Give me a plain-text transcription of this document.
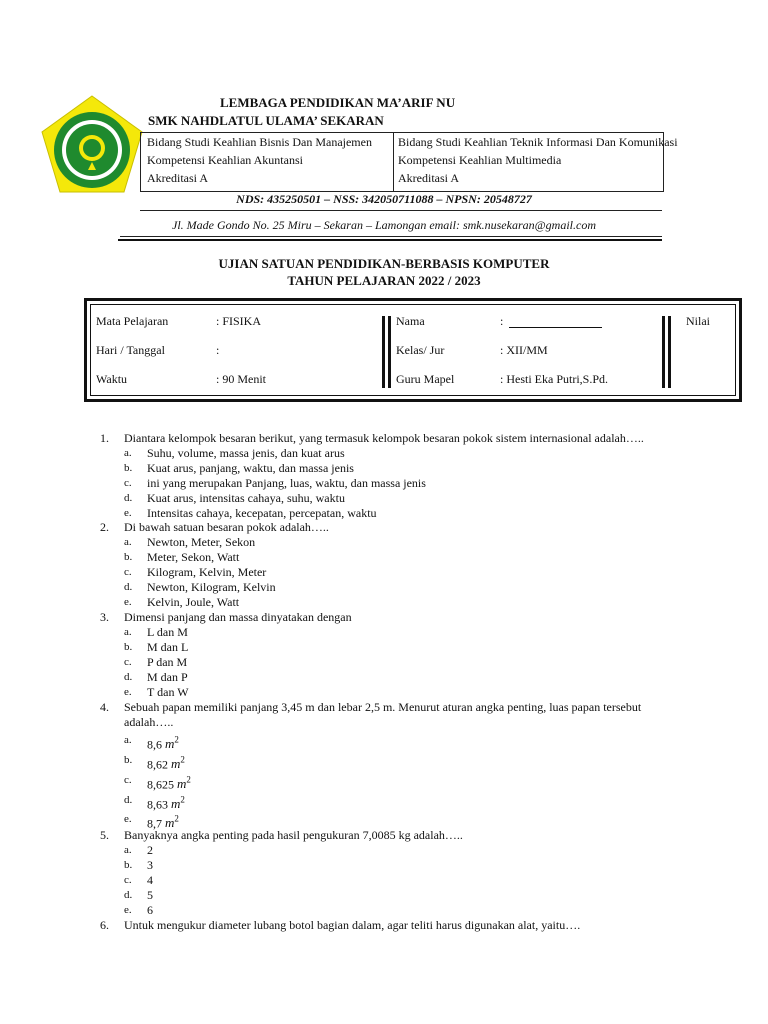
LEMBAGA PENDIDIKAN MA’ARIF NU
SMK NAHDLATUL ULAMA’ SEKARAN
Bidang Studi Keahlian Bisnis Dan Manajemen
Kompetensi Keahlian Akuntansi
Akreditasi A
Bidang Studi Keahlian Teknik Informasi Dan Komunikasi
Kompetensi Keahlian Multimedia
Akreditasi A
NDS: 435250501 – NSS: 342050711088 – NPSN: 20548727
Jl. Made Gondo No. 25 Miru – Sekaran – Lamongan email: smk.nusekaran@gmail.com
UJIAN SATUAN PENDIDIKAN-BERBASIS KOMPUTER
TAHUN PELAJARAN 2022 / 2023
Mata Pelajaran	: FISIKA
Hari / Tanggal	:
Waktu	: 90 Menit
Nama	:
Kelas/ Jur	: XII/MM
Guru Mapel	: Hesti Eka Putri,S.Pd.
Nilai
1. Diantara kelompok besaran berikut, yang termasuk kelompok besaran pokok sistem internasional adalah…..
a. Suhu, volume, massa jenis, dan kuat arus
b. Kuat arus, panjang, waktu, dan massa jenis
c. ini yang merupakan Panjang, luas, waktu, dan massa jenis
d. Kuat arus, intensitas cahaya, suhu, waktu
e. Intensitas cahaya, kecepatan, percepatan, waktu
2. Di bawah satuan besaran pokok adalah…..
a. Newton, Meter, Sekon
b. Meter, Sekon, Watt
c. Kilogram, Kelvin, Meter
d. Newton, Kilogram, Kelvin
e. Kelvin, Joule, Watt
3. Dimensi panjang dan massa dinyatakan dengan
a. L dan M
b. M dan L
c. P dan M
d. M dan P
e. T dan W
4. Sebuah papan memiliki panjang 3,45 m dan lebar 2,5 m. Menurut aturan angka penting, luas papan tersebut
adalah…..
a. 8,6 $m^2$
b. 8,62 $m^2$
c. 8,625 $m^2$
d. 8,63 $m^2$
e. 8,7 $m^2$
5. Banyaknya angka penting pada hasil pengukuran 7,0085 kg adalah…..
a. 2
b. 3
c. 4
d. 5
e. 6
6. Untuk mengukur diameter lubang botol bagian dalam, agar teliti harus digunakan alat, yaitu….
